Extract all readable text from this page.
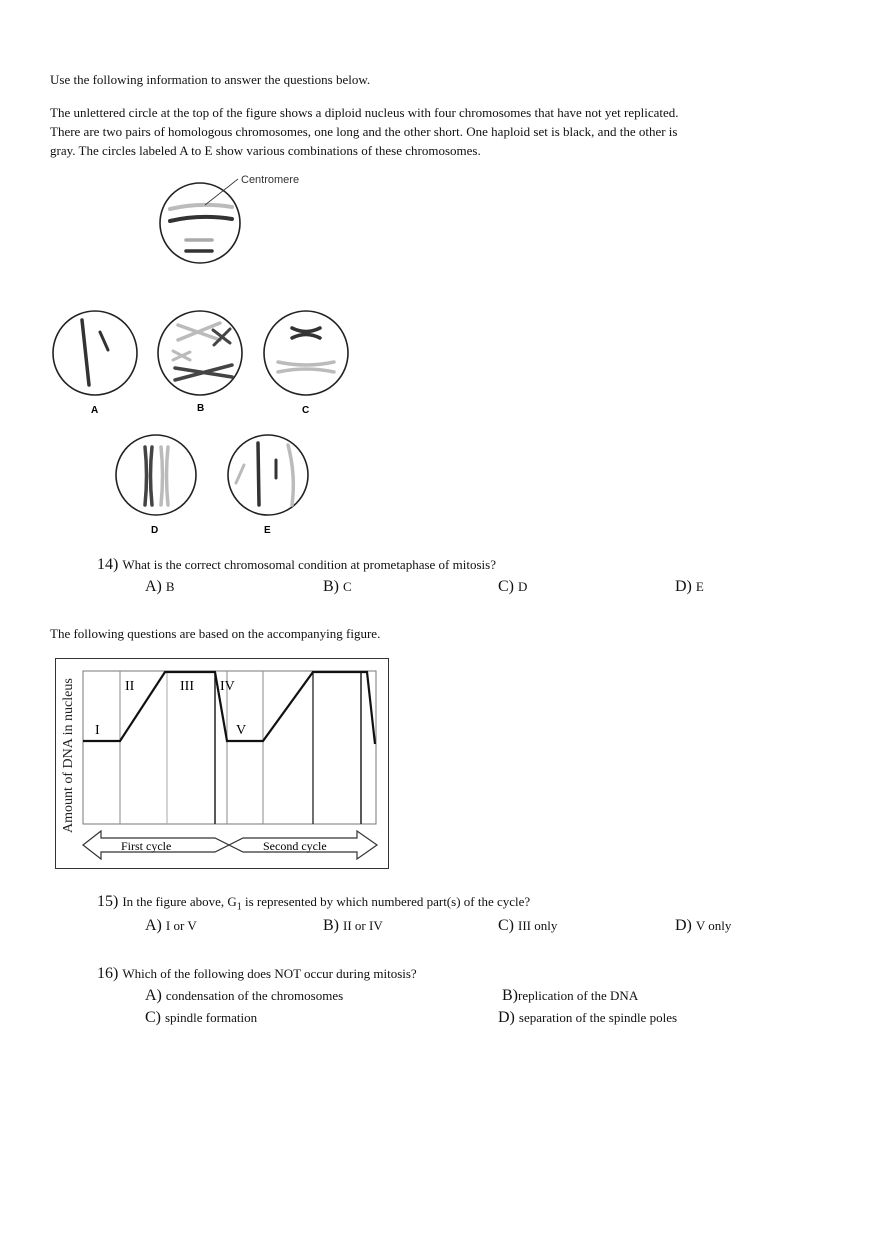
Use the following information to answer the questions below.
The unlettered circle at the top of the figure shows a diploid nucleus with four chromosomes that have not yet replicated.
There are two pairs of homologous chromosomes, one long and the other short. One haploid set is black, and the other is
gray. The circles labeled A to E show various combinations of these chromosomes.
Centromere
A	B	C
D	E
14) What is the correct chromosomal condition at prometaphase of mitosis?
A) B	B) C	C) D	D) E
The following questions are based on the accompanying figure.
Amount of DNA in nucleus I
II	III IV
V
First cycle	Second cycle
15) In the figure above, $G_1$ is represented by which numbered part(s) of the cycle?
A) I or V	B) II or IV	C) III only	D) V only
16) Which of the following does NOT occur during mitosis?
A) condensation of the chromosomes	B)replication of the DNA
C) spindle formation	D) separation of the spindle poles
